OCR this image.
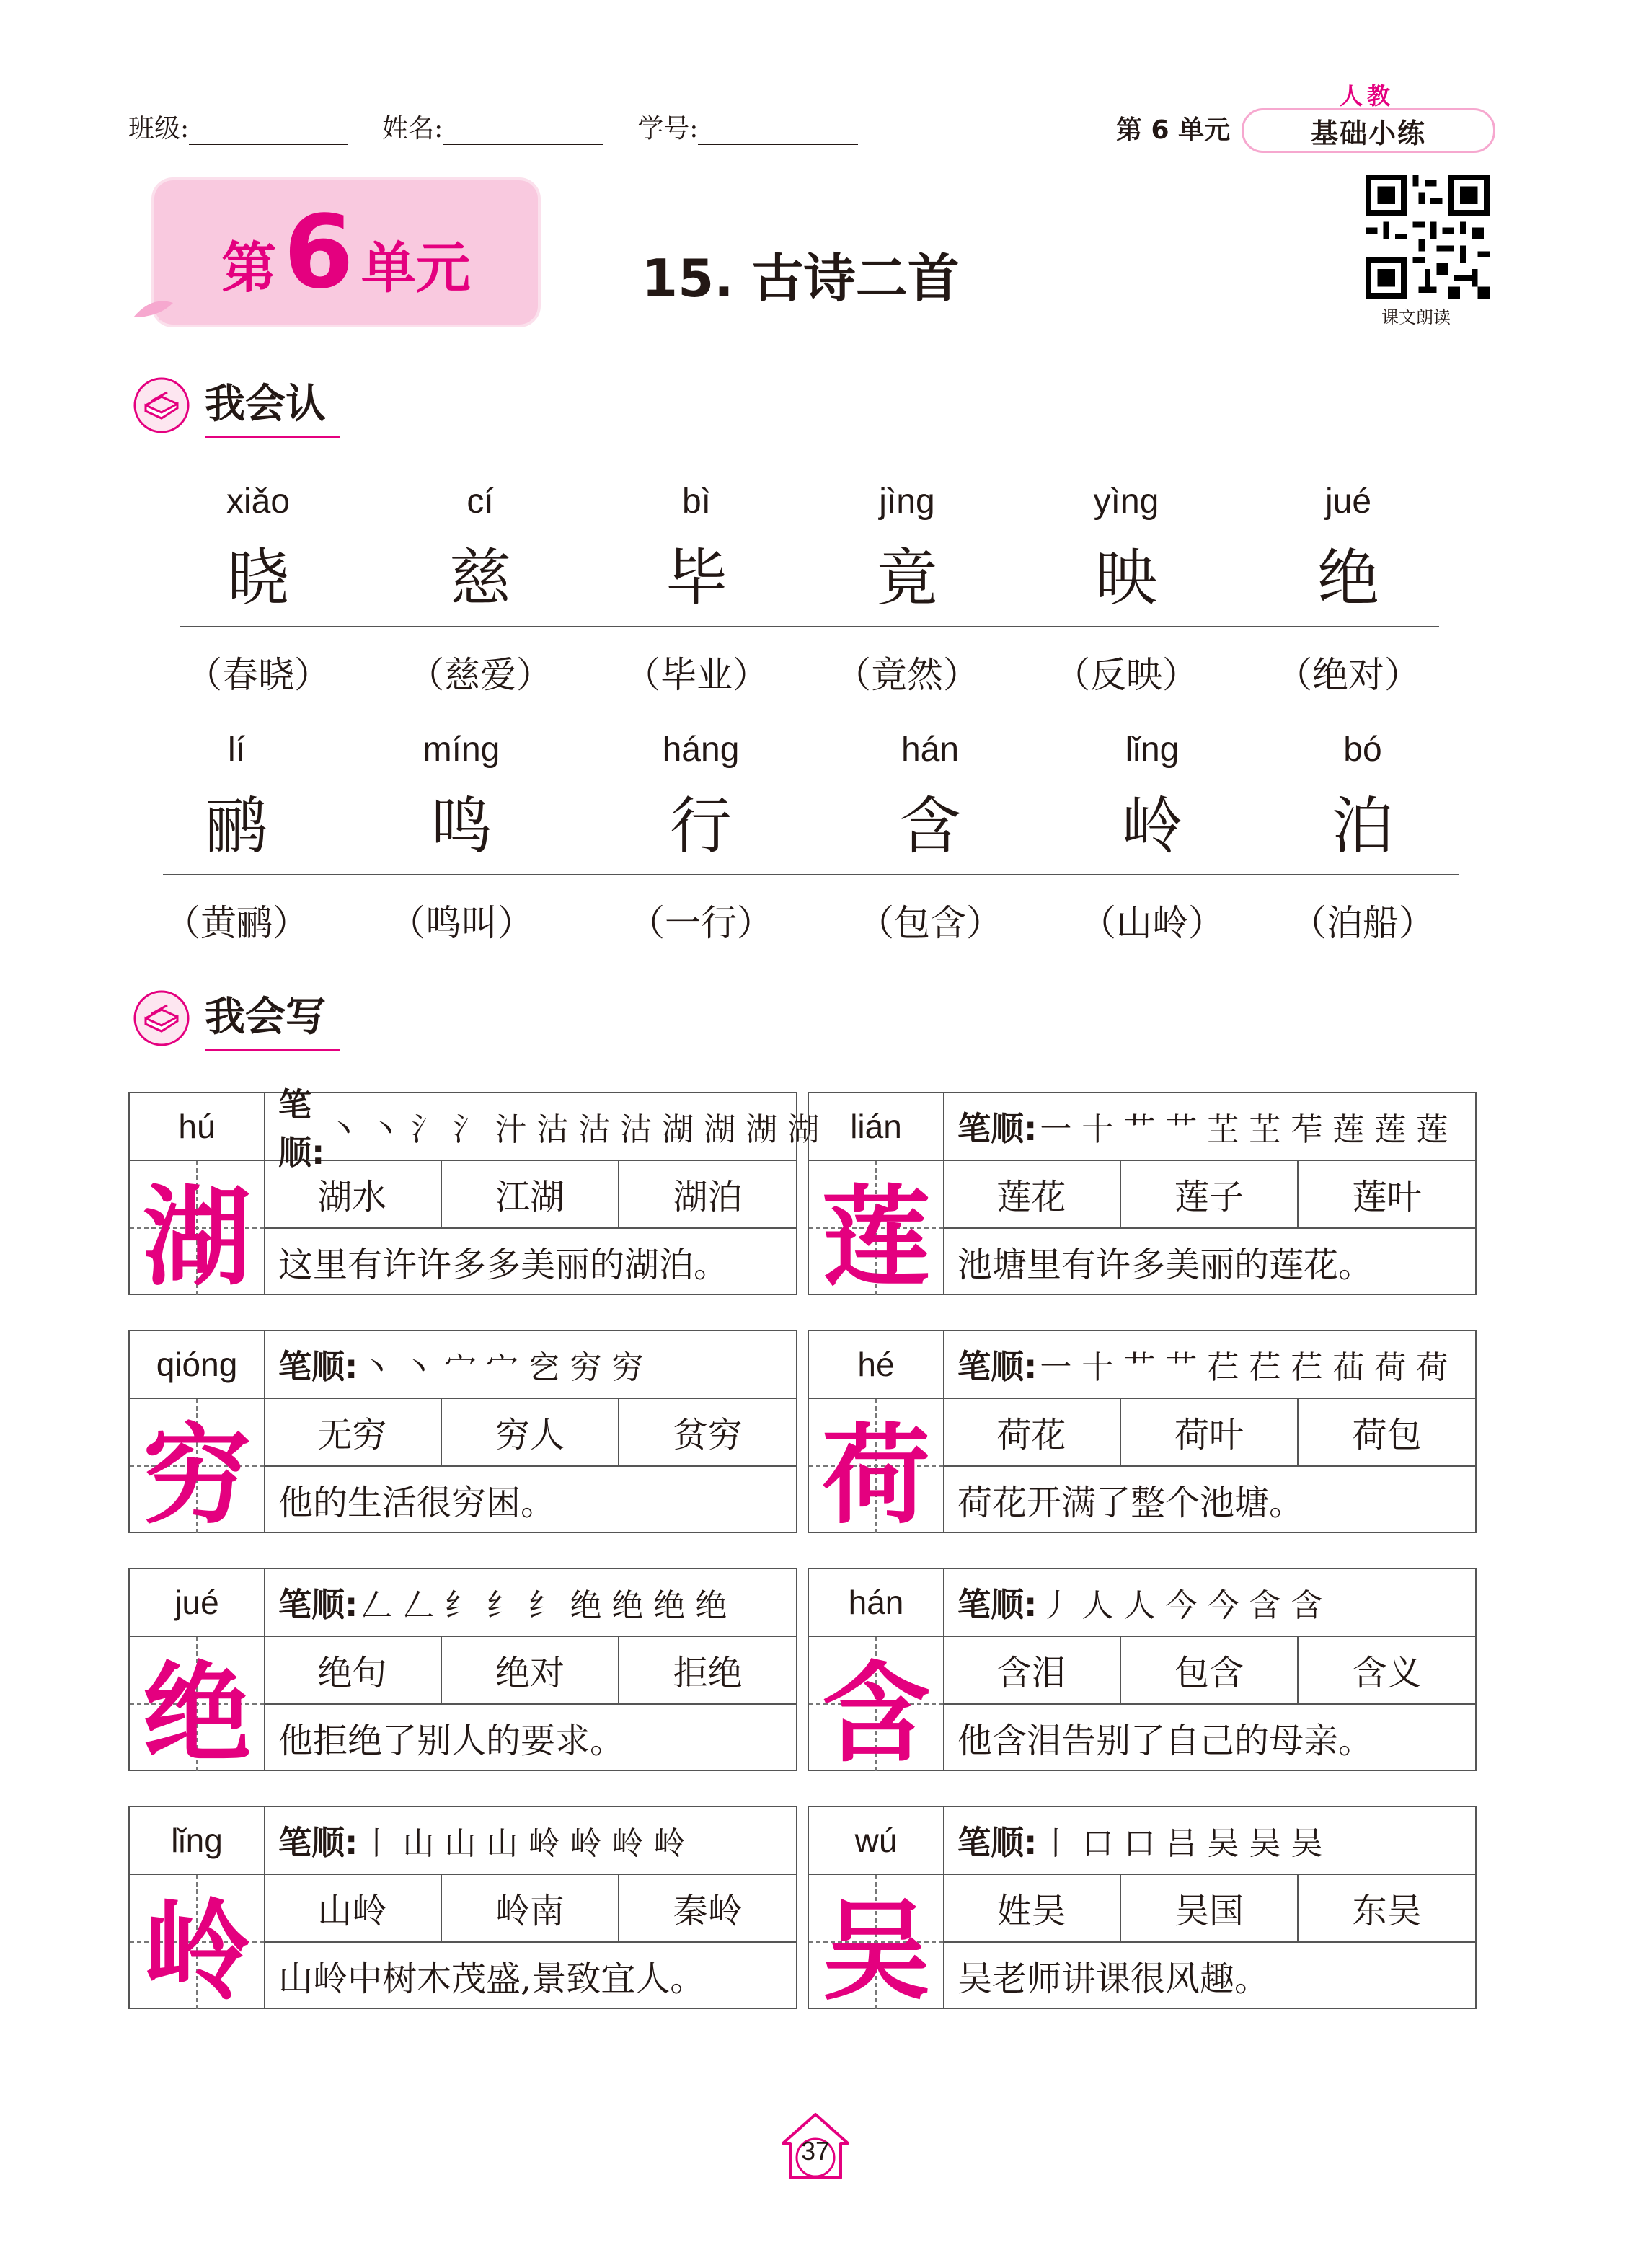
班级:	姓名:	学号:	第 6 单元
人教
基础小练
第 6 单元	15. 古诗二首
课文朗读
我会认
xiǎo
晓
（春晓）
cí
慈
（慈爱）
bì
毕
（毕业）
jìng
竟
（竟然）
yìng
映
（反映）
jué
绝
（绝对）
lí
鹂
（黄鹂）
míng
鸣
（鸣叫）
háng
行
（一行）
hán
含
（包含）
lǐng
岭
（山岭）
bó
泊
（泊船）
我会写
hú
湖
笔顺:
丶 丶 氵 氵 汁 沽 沽 沽 湖 湖 湖 湖
湖水	江湖	湖泊
这里有许许多多美丽的湖泊。
lián
莲
笔顺: 一 十 艹 艹 芏 芏 苲 莲 莲 莲
莲花	莲子	莲叶
池塘里有许多美丽的莲花。
qióng
穷
笔顺: 丶 丶 宀 宀 穵 穷 穷
无穷	穷人	贫穷
他的生活很穷困。
hé
荷
笔顺: 一 十 艹 艹 芢 芢 芢 苮 荷 荷
荷花	荷叶	荷包
荷花开满了整个池塘。
jué
绝
笔顺: 𠃋 𠃋 纟 纟 纟 绝 绝 绝 绝
绝句	绝对	拒绝
他拒绝了别人的要求。
hán
含
笔顺: 丿 人 人 今 今 含 含
含泪	包含	含义
他含泪告别了自己的母亲。
lǐng
岭
笔顺: 丨 山 山 山 岭 岭 岭 岭
山岭	岭南	秦岭
山岭中树木茂盛,景致宜人。
wú
吴
笔顺: 丨 口 口 吕 吴 吴 吴
姓吴	吴国	东吴
吴老师讲课很风趣。
37
